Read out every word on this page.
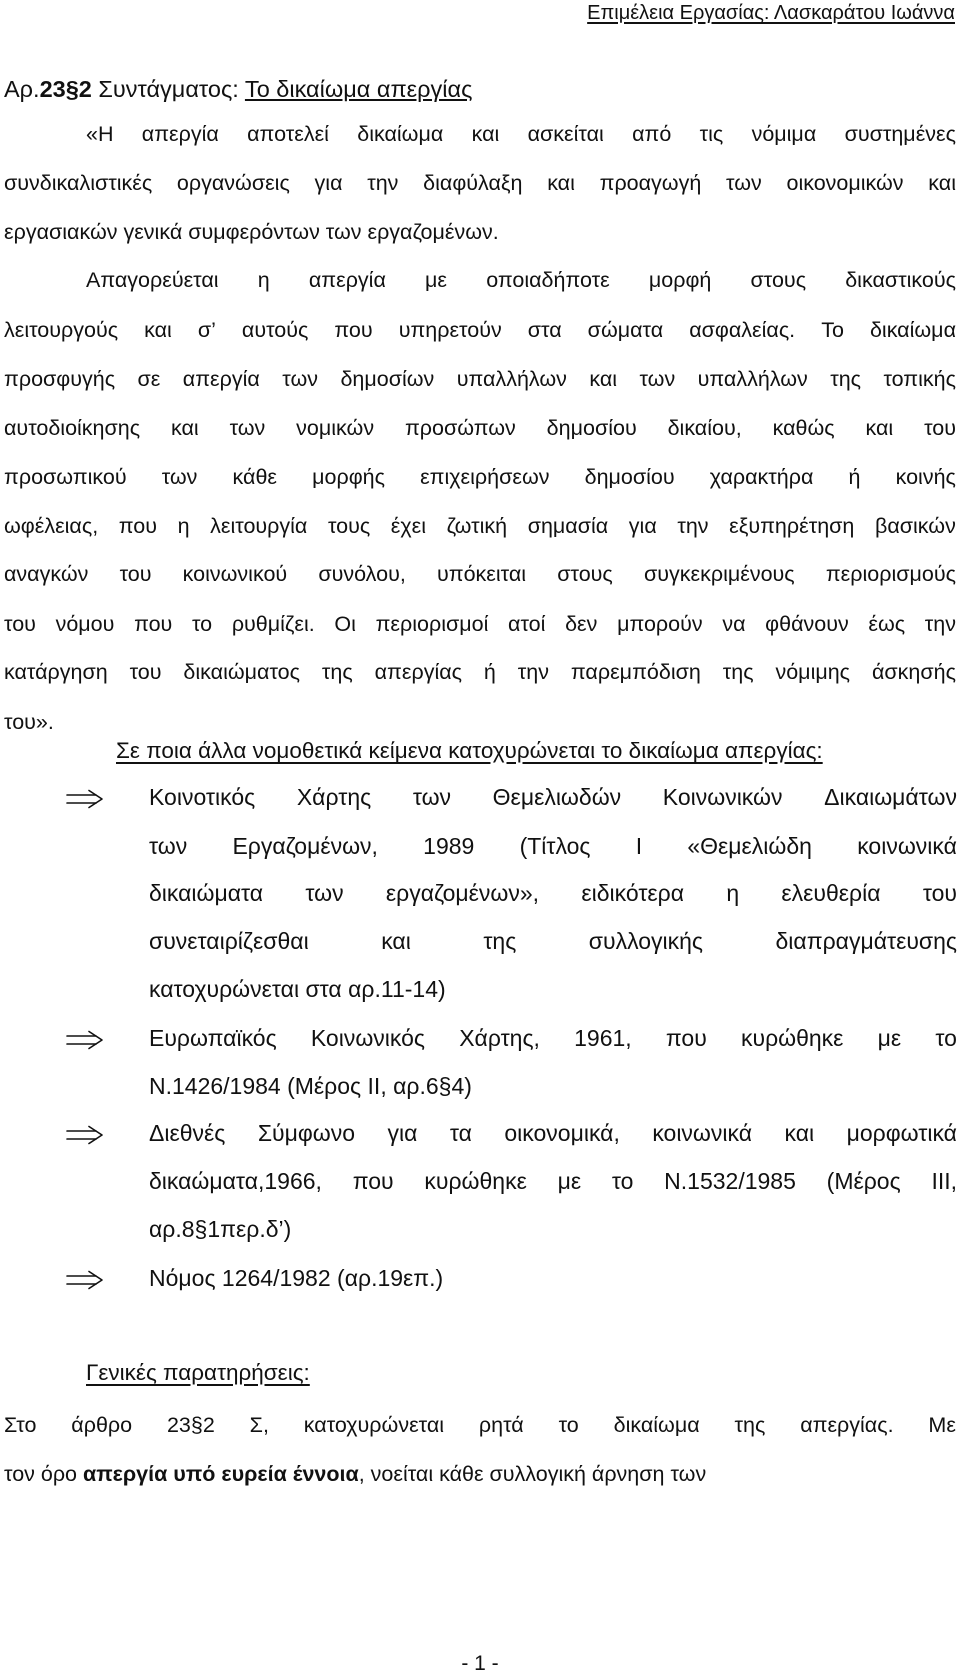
Επιμέλεια Εργασίας: Λασκαράτου Ιωάννα
Αρ.23§2 Συντάγματος: Το δικαίωμα απεργίας
«Η απεργία αποτελεί δικαίωμα και ασκείται από τις νόμιμα συστημένες
συνδικαλιστικές οργανώσεις για την διαφύλαξη και προαγωγή των οικονομικών και
εργασιακών γενικά συμφερόντων των εργαζομένων.
Απαγορεύεται η απεργία με οποιαδήποτε μορφή στους δικαστικούς
λειτουργούς και σ’ αυτούς που υπηρετούν στα σώματα ασφαλείας. Το δικαίωμα
προσφυγής σε απεργία των δημοσίων υπαλλήλων και των υπαλλήλων της τοπικής
αυτοδιοίκησης και των νομικών προσώπων δημοσίου δικαίου, καθώς και του
προσωπικού των κάθε μορφής επιχειρήσεων δημοσίου χαρακτήρα ή κοινής
ωφέλειας, που η λειτουργία τους έχει ζωτική σημασία για την εξυπηρέτηση βασικών
αναγκών του κοινωνικού συνόλου, υπόκειται στους συγκεκριμένους περιορισμούς
του νόμου που το ρυθμίζει. Οι περιορισμοί ατοί δεν μπορούν να φθάνουν έως την
κατάργηση του δικαιώματος της απεργίας ή την παρεμπόδιση της νόμιμης άσκησής
του».
Σε ποια άλλα νομοθετικά κείμενα κατοχυρώνεται το δικαίωμα απεργίας:
Κοινοτικός Χάρτης των Θεμελιωδών Κοινωνικών Δικαιωμάτων
των Εργαζομένων, 1989 (Τίτλος Ι «Θεμελιώδη κοινωνικά
δικαιώματα των εργαζομένων», ειδικότερα η ελευθερία του
συνεταιρίζεσθαι	και	της	συλλογικής	διαπραγμάτευσης
κατοχυρώνεται στα αρ.11-14)
Ευρωπαϊκός Κοινωνικός Χάρτης, 1961, που κυρώθηκε με το
Ν.1426/1984 (Μέρος ΙΙ, αρ.6§4)
Διεθνές Σύμφωνο για τα οικονομικά, κοινωνικά και μορφωτικά
δικαώματα,1966, που κυρώθηκε με το Ν.1532/1985 (Μέρος ΙΙΙ,
αρ.8§1περ.δ’)
Νόμος 1264/1982 (αρ.19επ.)
Γενικές παρατηρήσεις:
Στο άρθρο 23§2 Σ, κατοχυρώνεται ρητά το δικαίωμα της απεργίας. Με
τον όρο απεργία υπό ευρεία έννοια, νοείται κάθε συλλογική άρνηση των
- 1 -
